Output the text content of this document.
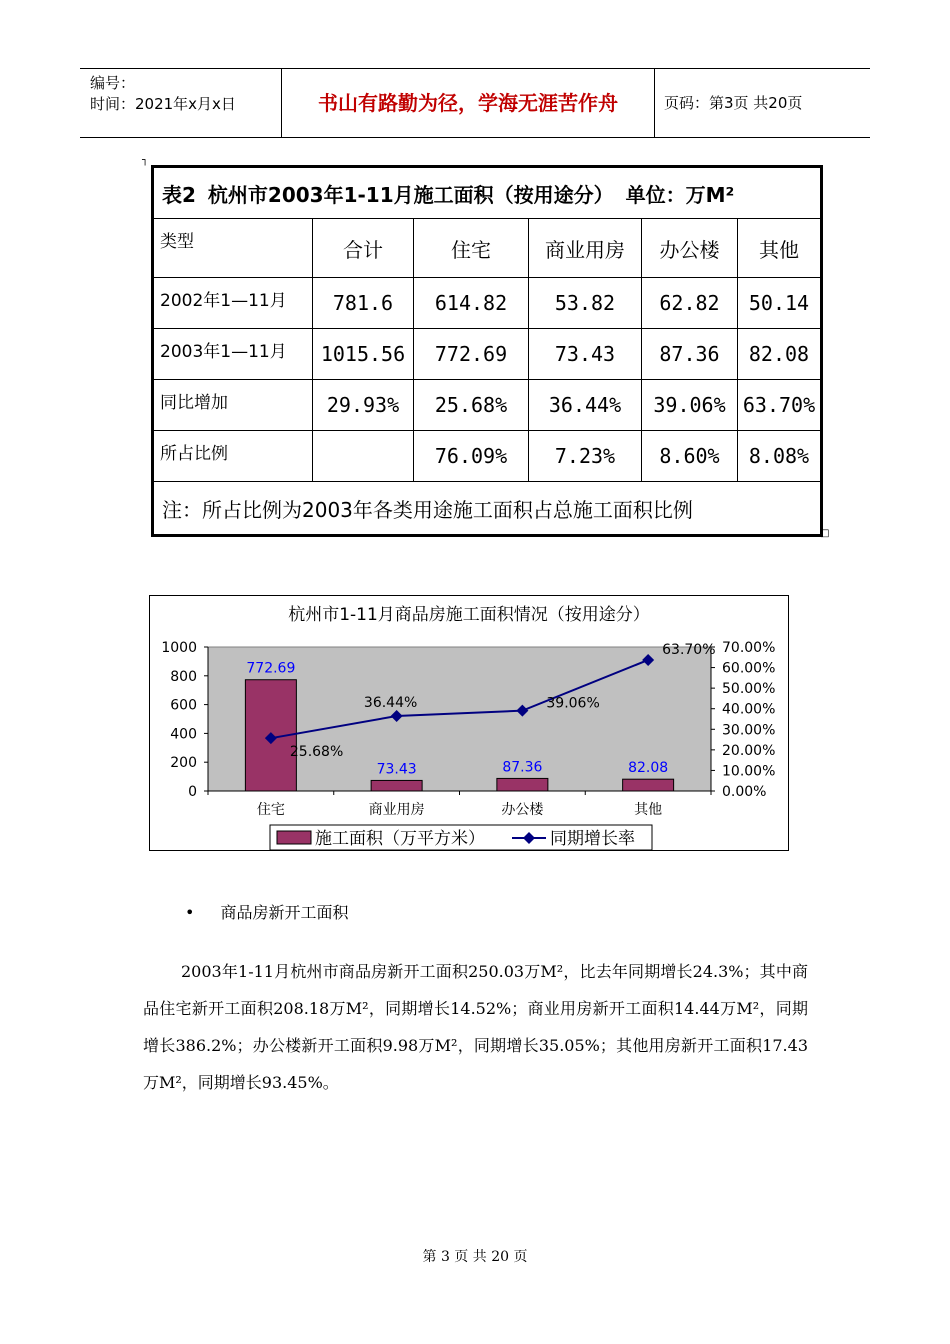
编号：
时间：2021年x月x日	书山有路勤为径，学海无涯苦作舟	页码：第3页 共20页
┐
□
表2 杭州市2003年1-11月施工面积（按用途分） 单位：万M²					
类型	合计	住宅	商业用房	办公楼	其他
2002年1—11月	781.6	614.82	53.82	62.82	50.14
2003年1—11月	1015.56	772.69	73.43	87.36	82.08
同比增加	29.93%	25.68%	36.44%	39.06%	63.70%
所占比例		76.09%	7.23%	8.60%	8.08%
注：所占比例为2003年各类用途施工面积占总施工面积比例					
杭州市1-11月商品房施工面积情况（按用途分）
0
200
400
600
800
1000
0.00%
10.00%
20.00%
30.00%
40.00%
50.00%
60.00%
70.00%
772.69
73.43	87.36	82.08
住宅	商业用房	办公楼	其他
25.68%
36.44%	39.06%
63.70%
施工面积（万平方米）	同期增长率
• 商品房新开工面积
2003年1-11月杭州市商品房新开工面积250.03万M²，比去年同期增长24.3%；其中商品住宅新开工面积208.18万M²，同期增长14.52%；商业用房新开工面积14.44万M²，同期增长386.2%；办公楼新开工面积9.98万M²，同期增长35.05%；其他用房新开工面积17.43万M²，同期增长93.45%。
第 3 页 共 20 页
